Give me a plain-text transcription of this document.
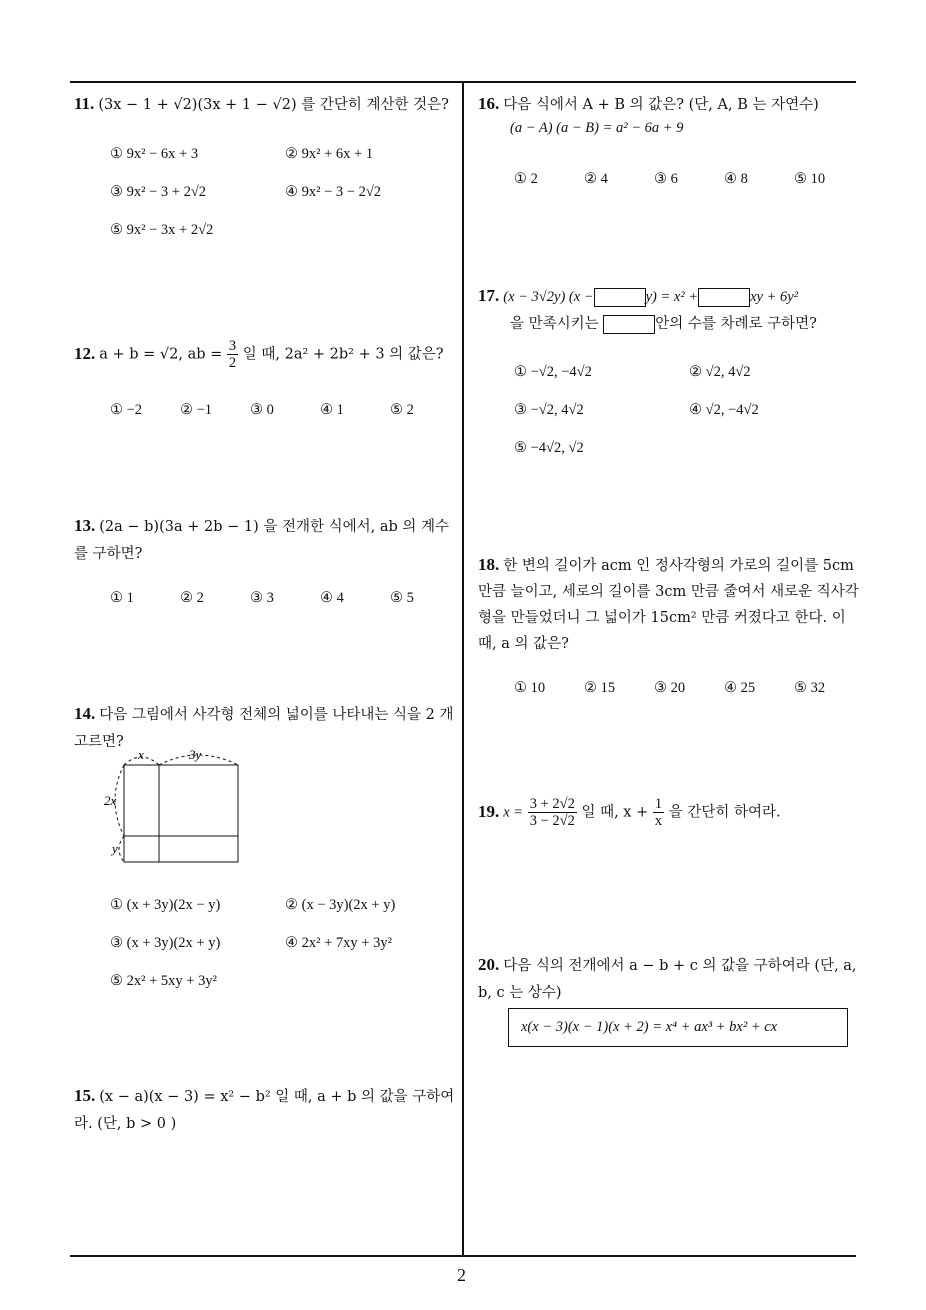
11. (3x − 1 + √2)(3x + 1 − √2) 를 간단히 계산한 것은?
① 9x² − 6x + 3	② 9x² + 6x + 1
③ 9x² − 3 + 2√2	④ 9x² − 3 − 2√2
⑤ 9x² − 3x + 2√2
12. a + b = √2, ab = $\frac{3}{2}$ 일 때, 2a² + 2b² + 3 의 값은?
① −2	② −1	③ 0	④ 1	⑤ 2
13. (2a − b)(3a + 2b − 1) 을 전개한 식에서, ab 의 계수를 구하면?
① 1	② 2	③ 3	④ 4	⑤ 5
14. 다음 그림에서 사각형 전체의 넓이를 나타내는 식을 2 개 고르면?
x	3y
2x
y
① (x + 3y)(2x − y)	② (x − 3y)(2x + y)
③ (x + 3y)(2x + y)	④ 2x² + 7xy + 3y²
⑤ 2x² + 5xy + 3y²
15. (x − a)(x − 3) = x² − b² 일 때, a + b 의 값을 구하여라. (단, b > 0 )
16. 다음 식에서 A + B 의 값은? (단, A, B 는 자연수)
(a − A) (a − B) = a² − 6a + 9
① 2	② 4	③ 6	④ 8	⑤ 10
17. (x − 3√2y) (x −	y) = x² +	xy + 6y²
을 만족시키는	안의 수를 차례로 구하면?
① −√2, −4√2	② √2, 4√2
③ −√2, 4√2	④ √2, −4√2
⑤ −4√2, √2
18. 한 변의 길이가 acm 인 정사각형의 가로의 길이를 5cm 만큼 늘이고, 세로의 길이를 3cm 만큼 줄여서 새로운 직사각형을 만들었더니 그 넓이가 15cm² 만큼 커졌다고 한다. 이 때, a 의 값은?
① 10	② 15	③ 20	④ 25	⑤ 32
19. $x = \frac{3 + 2√2}{3 - 2√2}$ 일 때, $x + \frac{1}{x}$ 을 간단히 하여라.
20. 다음 식의 전개에서 a − b + c 의 값을 구하여라 (단, a, b, c 는 상수)
x(x − 3)(x − 1)(x + 2) = x⁴ + ax³ + bx² + cx
2
